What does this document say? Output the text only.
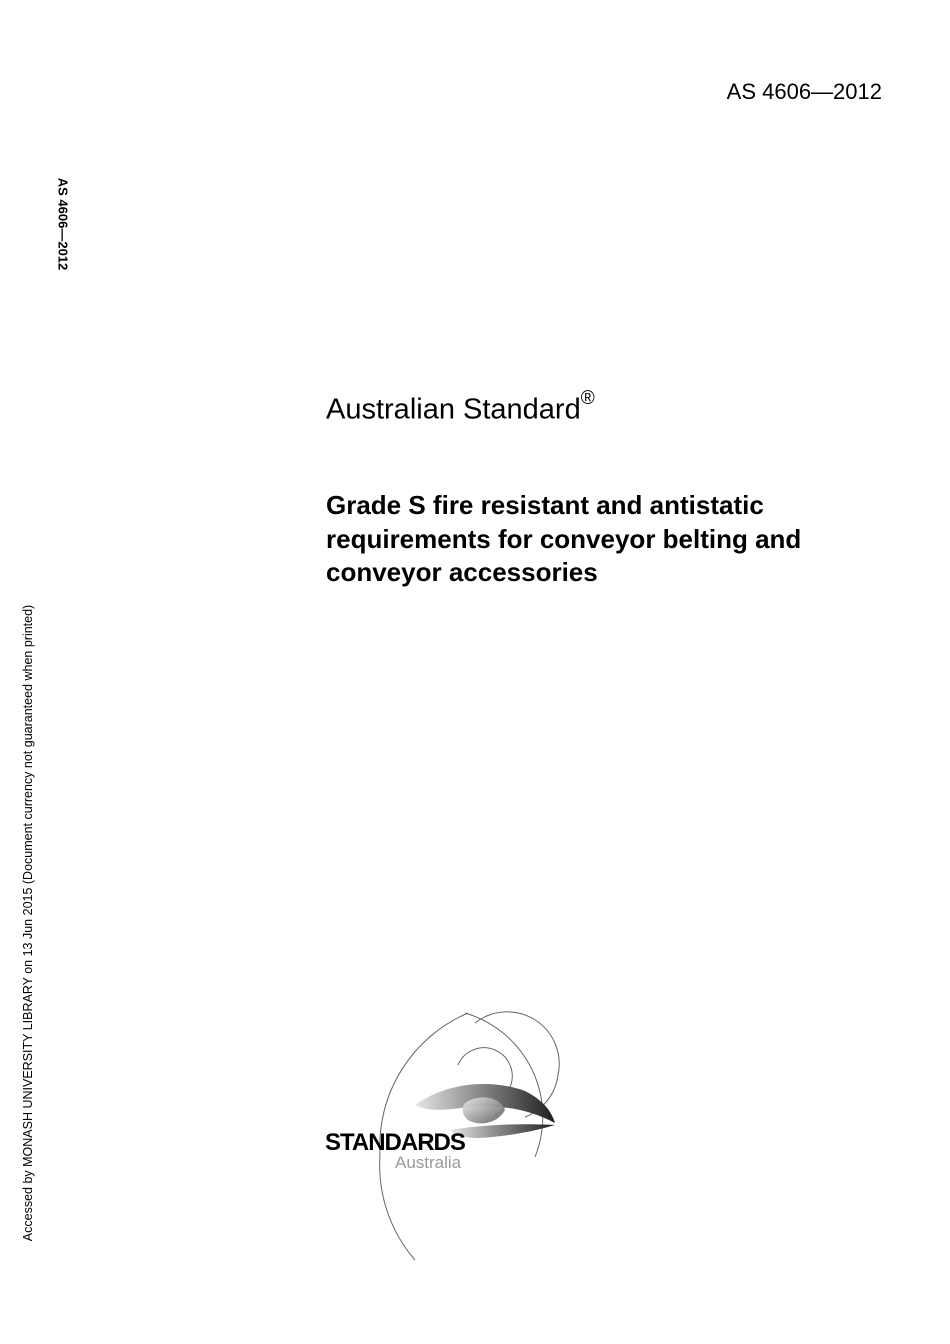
AS 4606—2012
AS 4606—2012
Accessed by MONASH UNIVERSITY LIBRARY on 13 Jun 2015 (Document currency not guaranteed when printed)
Australian Standard®
Grade S fire resistant and antistatic requirements for conveyor belting and conveyor accessories
STANDARDS
Australia
